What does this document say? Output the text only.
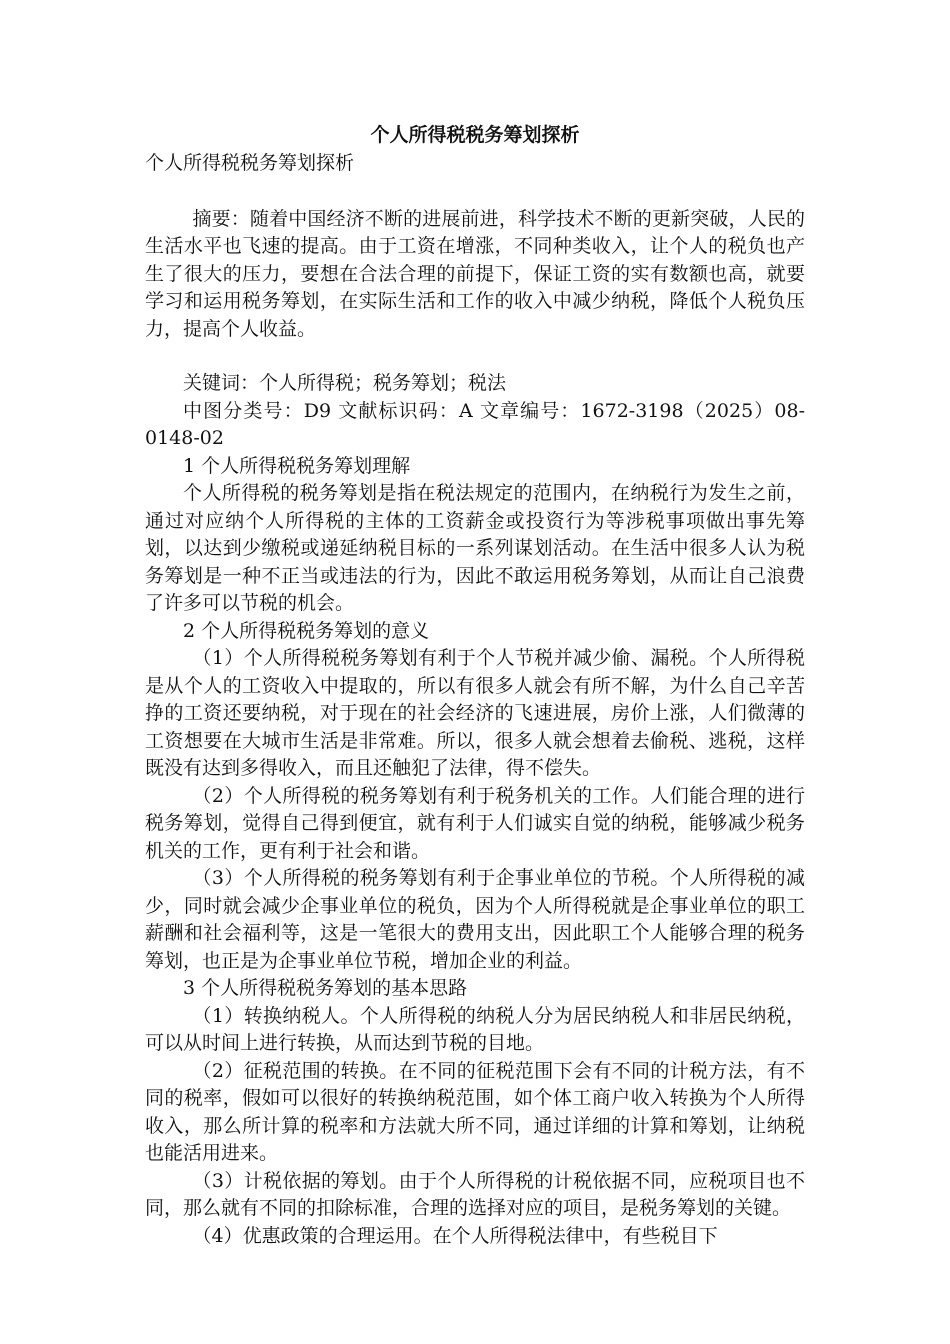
个人所得税税务筹划探析

个人所得税税务筹划探析

摘要：随着中国经济不断的进展前进，科学技术不断的更新突破，人民的生活水平也飞速的提高。由于工资在增涨，不同种类收入，让个人的税负也产生了很大的压力，要想在合法合理的前提下，保证工资的实有数额也高，就要学习和运用税务筹划，在实际生活和工作的收入中减少纳税，降低个人税负压力，提高个人收益。

关键词：个人所得税；税务筹划；税法

中图分类号：D9 文献标识码：A 文章编号：1672-3198（2025）08-0148-02

1 个人所得税税务筹划理解

个人所得税的税务筹划是指在税法规定的范围内，在纳税行为发生之前，通过对应纳个人所得税的主体的工资薪金或投资行为等涉税事项做出事先筹划，以达到少缴税或递延纳税目标的一系列谋划活动。在生活中很多人认为税务筹划是一种不正当或违法的行为，因此不敢运用税务筹划，从而让自己浪费了许多可以节税的机会。

2 个人所得税税务筹划的意义

（1）个人所得税税务筹划有利于个人节税并减少偷、漏税。个人所得税是从个人的工资收入中提取的，所以有很多人就会有所不解，为什么自己辛苦挣的工资还要纳税，对于现在的社会经济的飞速进展，房价上涨，人们微薄的工资想要在大城市生活是非常难。所以，很多人就会想着去偷税、逃税，这样既没有达到多得收入，而且还触犯了法律，得不偿失。

（2）个人所得税的税务筹划有利于税务机关的工作。人们能合理的进行税务筹划，觉得自己得到便宜，就有利于人们诚实自觉的纳税，能够减少税务机关的工作，更有利于社会和谐。

（3）个人所得税的税务筹划有利于企事业单位的节税。个人所得税的减少，同时就会减少企事业单位的税负，因为个人所得税就是企事业单位的职工薪酬和社会福利等，这是一笔很大的费用支出，因此职工个人能够合理的税务筹划，也正是为企事业单位节税，增加企业的利益。

3 个人所得税税务筹划的基本思路

（1）转换纳税人。个人所得税的纳税人分为居民纳税人和非居民纳税，可以从时间上进行转换，从而达到节税的目地。

（2）征税范围的转换。在不同的征税范围下会有不同的计税方法，有不同的税率，假如可以很好的转换纳税范围，如个体工商户收入转换为个人所得收入，那么所计算的税率和方法就大所不同，通过详细的计算和筹划，让纳税也能活用进来。

（3）计税依据的筹划。由于个人所得税的计税依据不同，应税项目也不同，那么就有不同的扣除标准，合理的选择对应的项目，是税务筹划的关键。

（4）优惠政策的合理运用。在个人所得税法律中，有些税目下
